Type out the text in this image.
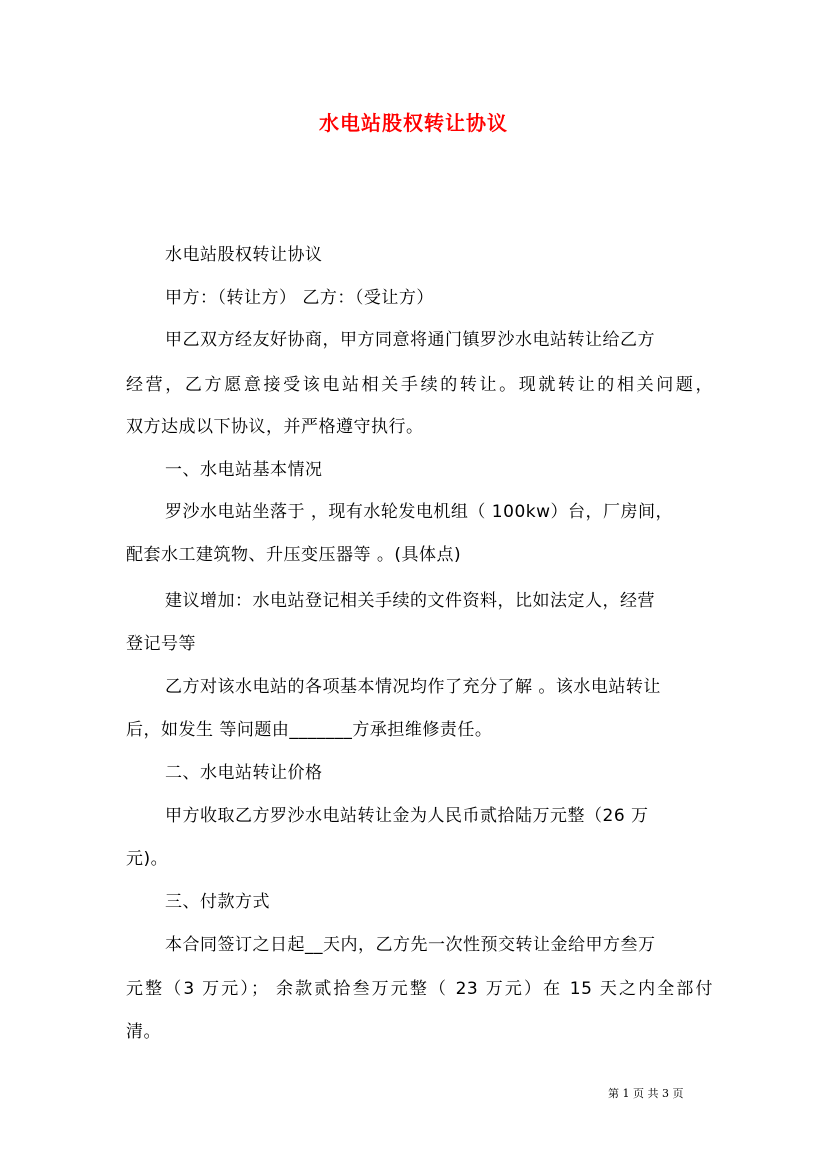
水电站股权转让协议
水电站股权转让协议
甲方：（转让方） 乙方：（受让方）
甲乙双方经友好协商，甲方同意将通门镇罗沙水电站转让给乙方
经营，乙方愿意接受该电站相关手续的转让。现就转让的相关问题，
双方达成以下协议，并严格遵守执行。
一、水电站基本情况
罗沙水电站坐落于 ，现有水轮发电机组（ 100kw）台，厂房间，
配套水工建筑物、升压变压器等 。(具体点)
建议增加：水电站登记相关手续的文件资料，比如法定人，经营
登记号等
乙方对该水电站的各项基本情况均作了充分了解 。该水电站转让
后，如发生 等问题由_______方承担维修责任。
二、水电站转让价格
甲方收取乙方罗沙水电站转让金为人民币贰拾陆万元整（26 万
元)。
三、付款方式
本合同签订之日起__天内，乙方先一次性预交转让金给甲方叁万
元整（3 万元）； 余款贰拾叁万元整（ 23 万元）在 15 天之内全部付
清。
第 1 页 共 3 页
